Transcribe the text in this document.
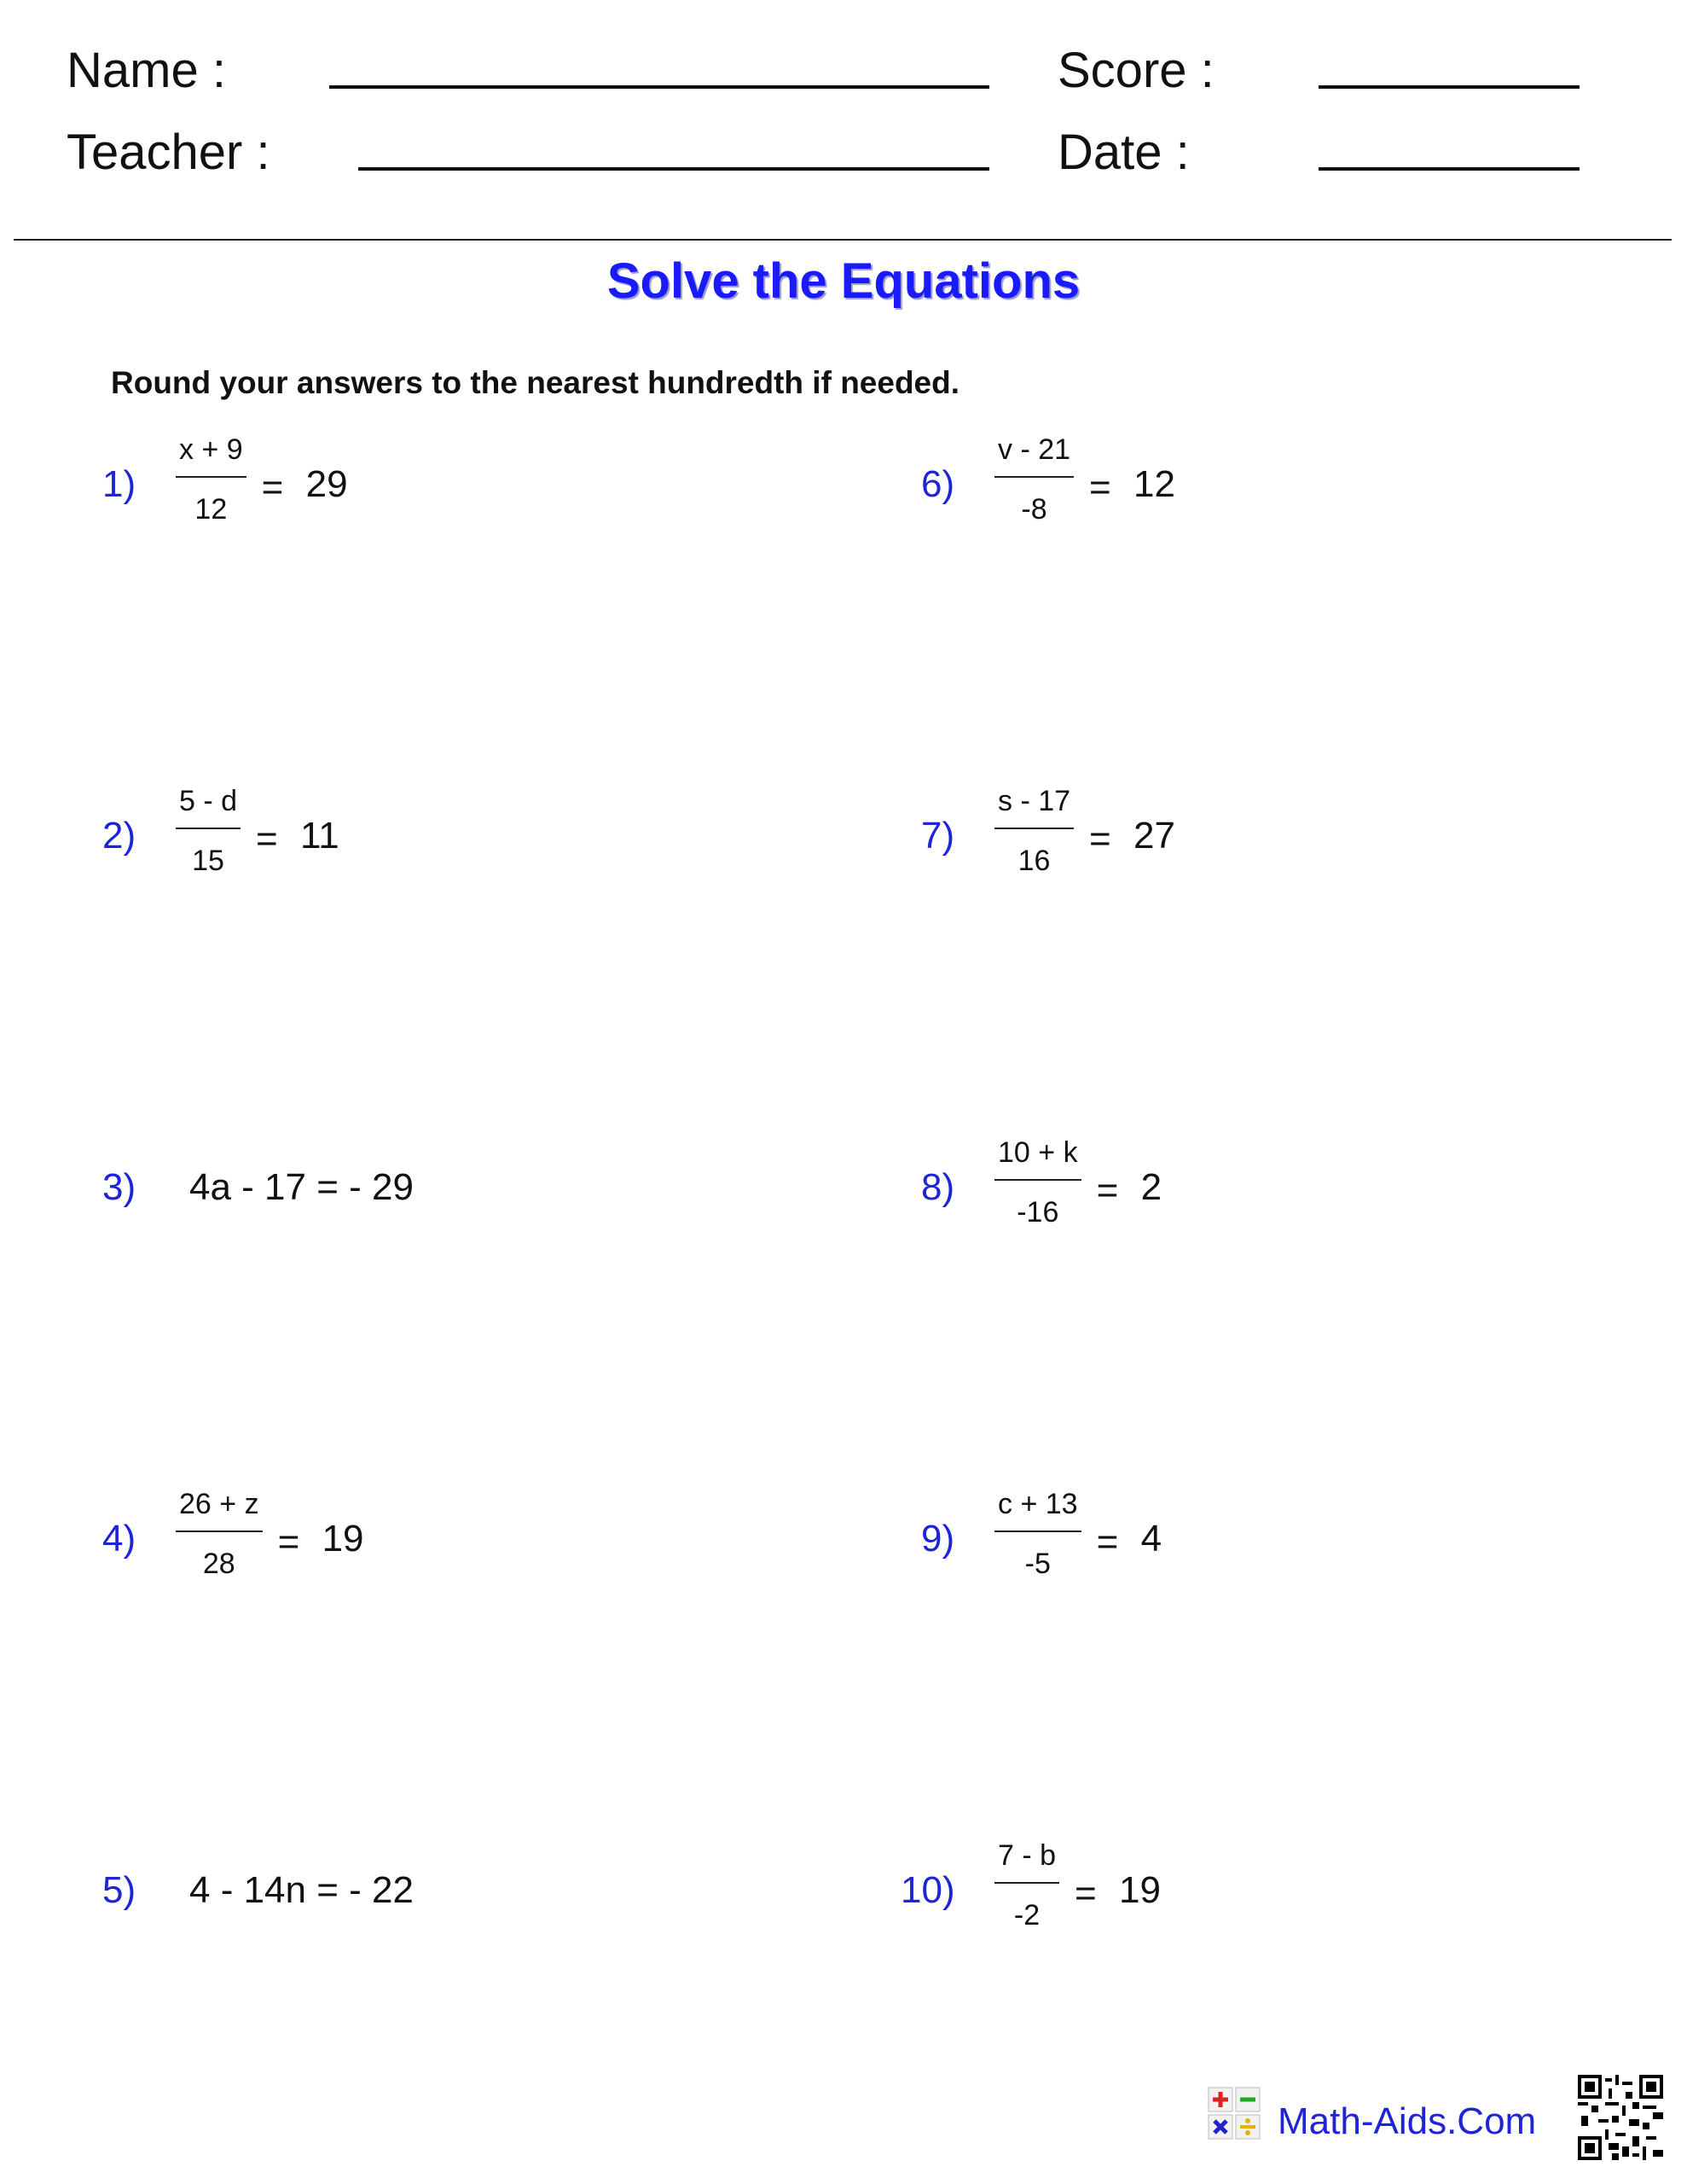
Name :
Teacher :
Score :
Date :
Solve the Equations
Round your answers to the nearest hundredth if needed.
1)
x + 9
12
= 29
2)
5 - d
15
= 11
3) 4a - 17 = - 29
4)
26 + z
28
= 19
5) 4 - 14n = - 22
6)
v - 21
-8
= 12
7)
s - 17
16
= 27
8)
10 + k
-16
= 2
9)
c + 13
-5
= 4
10)
7 - b
-2
= 19
Math-Aids.Com
